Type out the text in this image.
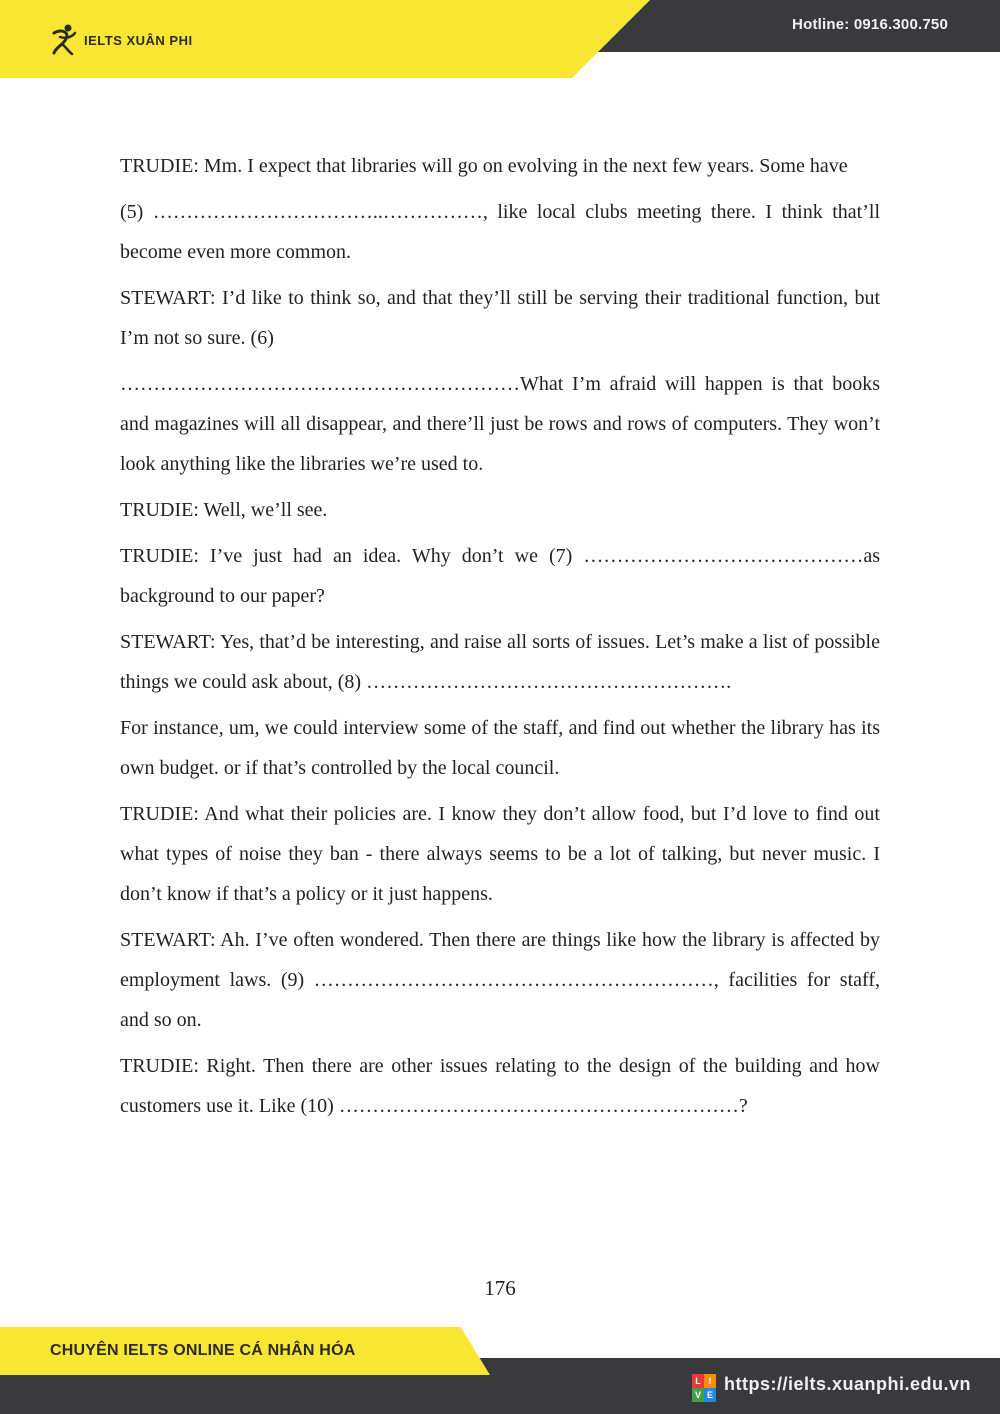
IELTS XUÂN PHI
Hotline: 0916.300.750

TRUDIE: Mm. I expect that libraries will go on evolving in the next few years. Some have

(5) ……………………………..……………, like local clubs meeting there. I think that’ll become even more common.

STEWART: I’d like to think so, and that they’ll still be serving their traditional function, but I’m not so sure. (6)

……………………………………………………What I’m afraid will happen is that books and magazines will all disappear, and there’ll just be rows and rows of computers. They won’t look anything like the libraries we’re used to.

TRUDIE: Well, we’ll see.

TRUDIE: I’ve just had an idea. Why don’t we (7) ……………………………………as background to our paper?

STEWART: Yes, that’d be interesting, and raise all sorts of issues. Let’s make a list of possible things we could ask about, (8) ……………………………………………….

For instance, um, we could interview some of the staff, and find out whether the library has its own budget. or if that’s controlled by the local council.

TRUDIE: And what their policies are. I know they don’t allow food, but I’d love to find out what types of noise they ban - there always seems to be a lot of talking, but never music. I don’t know if that’s a policy or it just happens.

STEWART: Ah. I’ve often wondered. Then there are things like how the library is affected by employment laws. (9) ……………………………………………………, facilities for staff, and so on.

TRUDIE: Right. Then there are other issues relating to the design of the building and how customers use it. Like (10) ……………………………………………………?

176
CHUYÊN IELTS ONLINE CÁ NHÂN HÓA
L I
V E
https://ielts.xuanphi.edu.vn
